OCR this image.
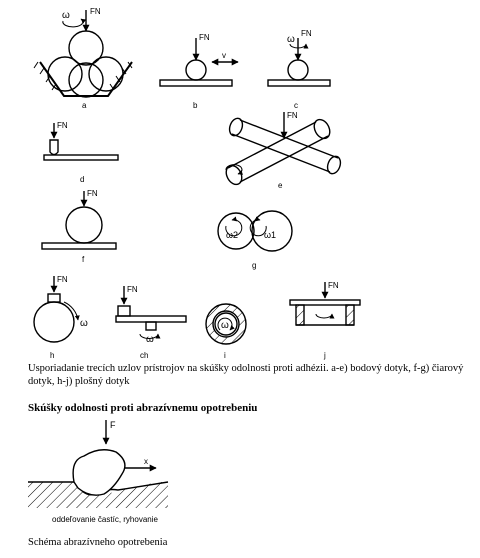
FN
ω
a
FN
v
b
FN
ω
c
FN
d
FN
e
FN
f
ω2	ω1
g
FN
ω
h
FN
ω
ch
ω
i
FN
j
F
x
oddeľovanie častíc, ryhovanie
Usporiadanie trecích uzlov prístrojov na skúšky odolnosti proti adhézii. a-e) bodový dotyk, f-g) čiarový dotyk, h-j) plošný dotyk
Skúšky odolnosti proti abrazívnemu opotrebeniu
Schéma abrazívneho opotrebenia
